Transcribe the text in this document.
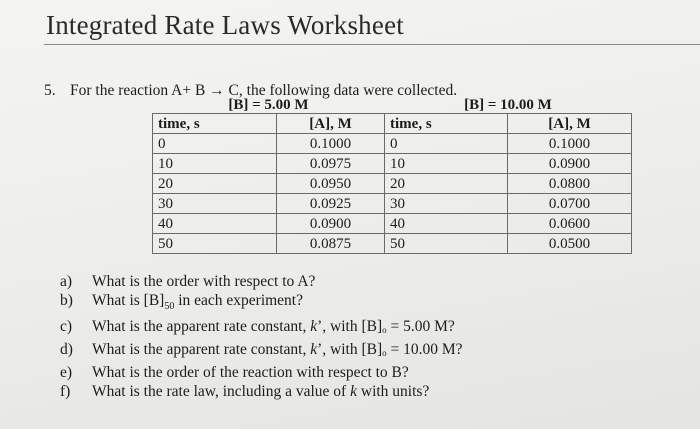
Integrated Rate Laws Worksheet
5. For the reaction A+ B → C, the following data were collected.
[B] = 5.00 M		[B] = 10.00 M	
time, s	[A], M	time, s	[A], M
0	0.1000	0	0.1000
10	0.0975	10	0.0900
20	0.0950	20	0.0800
30	0.0925	30	0.0700
40	0.0900	40	0.0600
50	0.0875	50	0.0500
a) What is the order with respect to A?
b) What is $[B]_{50}$ in each experiment?
c) What is the apparent rate constant, k’, with [B]o = 5.00 M?
d) What is the apparent rate constant, k’, with [B]o = 10.00 M?
e) What is the order of the reaction with respect to B?
f) What is the rate law, including a value of k with units?
